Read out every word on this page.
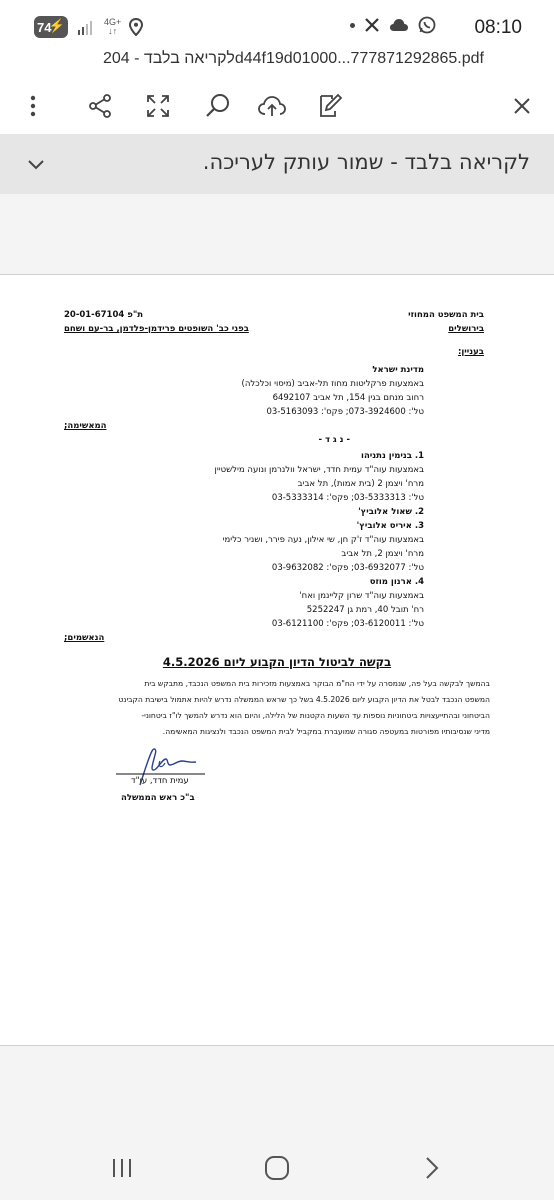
74
⚡	4G+
↓↑	08:10
לקריאה בלבד - 204d44f19d01000...777871292865.pdf
לקריאה בלבד - שמור עותק לעריכה.
בית המשפט המחוזי
בירושלים
ת"פ 20-01-67104
בפני כב' השופטים פרידמן-פלדמן, בר-עם ושחם
בעניין:
מדינת ישראל
באמצעות פרקליטות מחוז תל-אביב (מיסוי וכלכלה)
רחוב מנחם בגין 154, תל אביב 6492107
טל': 073-3924600; פקס': 03-5163093
המאשימה;
- נ ג ד -
1. בנימין נתניהו
באמצעות עוה"ד עמית חדד, ישראל וולנרמן ונועה מילשטיין
מרח' ויצמן 2 (בית אמות), תל אביב
טל': 03-5333313; פקס': 03-5333314
2. שאול אלוביץ'
3. איריס אלוביץ'
באמצעות עוה"ד ז'ק חן, שי אילון, נעה פירר, ושניר כלימי
מרח' ויצמן 2, תל אביב
טל': 03-6932077; פקס': 03-9632082
4. ארנון מוזס
באמצעות עוה"ד שרון קליינמן ואח'
רח' תובל 40, רמת גן 5252247
טל': 03-6120011; פקס': 03-6121100
הנאשמים;
בקשה לביטול הדיון הקבוע ליום 4.5.2026
בהמשך לבקשה בעל פה, שנמסרה על ידי הח"מ הבוקר באמצעות מזכירות בית המשפט הנכבד, מתבקש בית
המשפט הנכבד לבטל את הדיון הקבוע ליום 4.5.2026 בשל כך שראש הממשלה נדרש להיות אתמול בישיבת הקבינט
הביטחוני ובהתייעצויות ביטחוניות נוספות עד השעות הקטנות של הלילה, והיום הוא נדרש להמשך לו"ז ביטחוני-
מדיני שנסיבותיו מפורטות במעטפה סגורה שמועברת במקביל לבית המשפט הנכבד ולנציגות המאשימה.
עמית חדד, עו"ד
ב"כ ראש הממשלה
